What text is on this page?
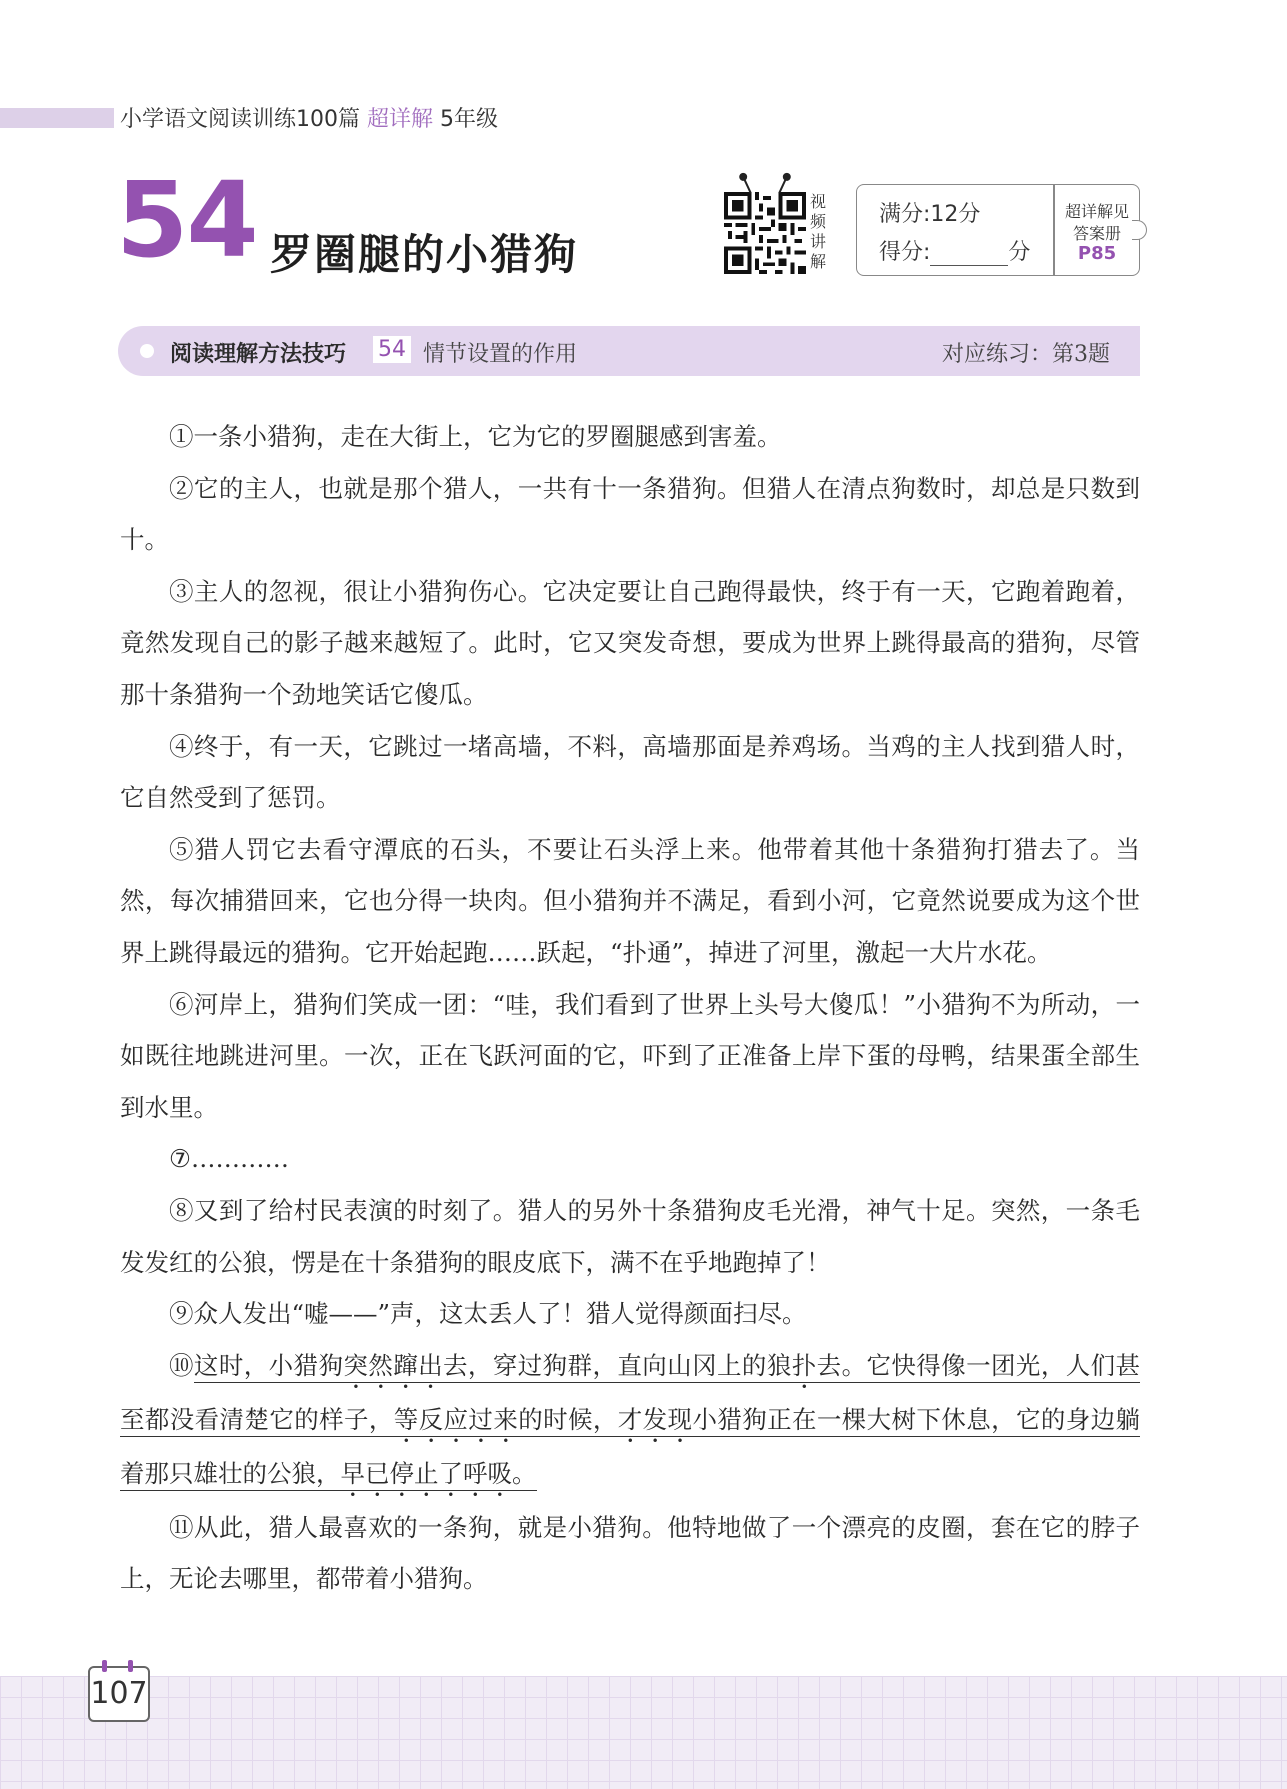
小学语文阅读训练100篇 超详解 5年级
54 罗圈腿的小猎狗
视
频
讲
解
满分:12分
得分:	分
超详解见
答案册
P85
阅读理解方法技巧 54 情节设置的作用	对应练习：第3题

①一条小猎狗，走在大街上，它为它的罗圈腿感到害羞。

②它的主人，也就是那个猎人，一共有十一条猎狗。但猎人在清点狗数时，却总是只数到十。

③主人的忽视，很让小猎狗伤心。它决定要让自己跑得最快，终于有一天，它跑着跑着，竟然发现自己的影子越来越短了。此时，它又突发奇想，要成为世界上跳得最高的猎狗，尽管那十条猎狗一个劲地笑话它傻瓜。

④终于，有一天，它跳过一堵高墙，不料，高墙那面是养鸡场。当鸡的主人找到猎人时，它自然受到了惩罚。

⑤猎人罚它去看守潭底的石头，不要让石头浮上来。他带着其他十条猎狗打猎去了。当然，每次捕猎回来，它也分得一块肉。但小猎狗并不满足，看到小河，它竟然说要成为这个世界上跳得最远的猎狗。它开始起跑……跃起，“扑通”，掉进了河里，激起一大片水花。

⑥河岸上，猎狗们笑成一团：“哇，我们看到了世界上头号大傻瓜！”小猎狗不为所动，一如既往地跳进河里。一次，正在飞跃河面的它，吓到了正准备上岸下蛋的母鸭，结果蛋全部生到水里。

⑦…………

⑧又到了给村民表演的时刻了。猎人的另外十条猎狗皮毛光滑，神气十足。突然，一条毛发发红的公狼，愣是在十条猎狗的眼皮底下，满不在乎地跑掉了！

⑨众人发出“嘘——”声，这太丢人了！猎人觉得颜面扫尽。

⑩这时，小猎狗突然蹿出去，穿过狗群，直向山冈上的狼扑去。它快得像一团光，人们甚至都没看清楚它的样子，等反应过来的时候，才发现小猎狗正在一棵大树下休息，它的身边躺着那只雄壮的公狼，早已停止了呼吸。

⑪从此，猎人最喜欢的一条狗，就是小猎狗。他特地做了一个漂亮的皮圈，套在它的脖子上，无论去哪里，都带着小猎狗。

107
